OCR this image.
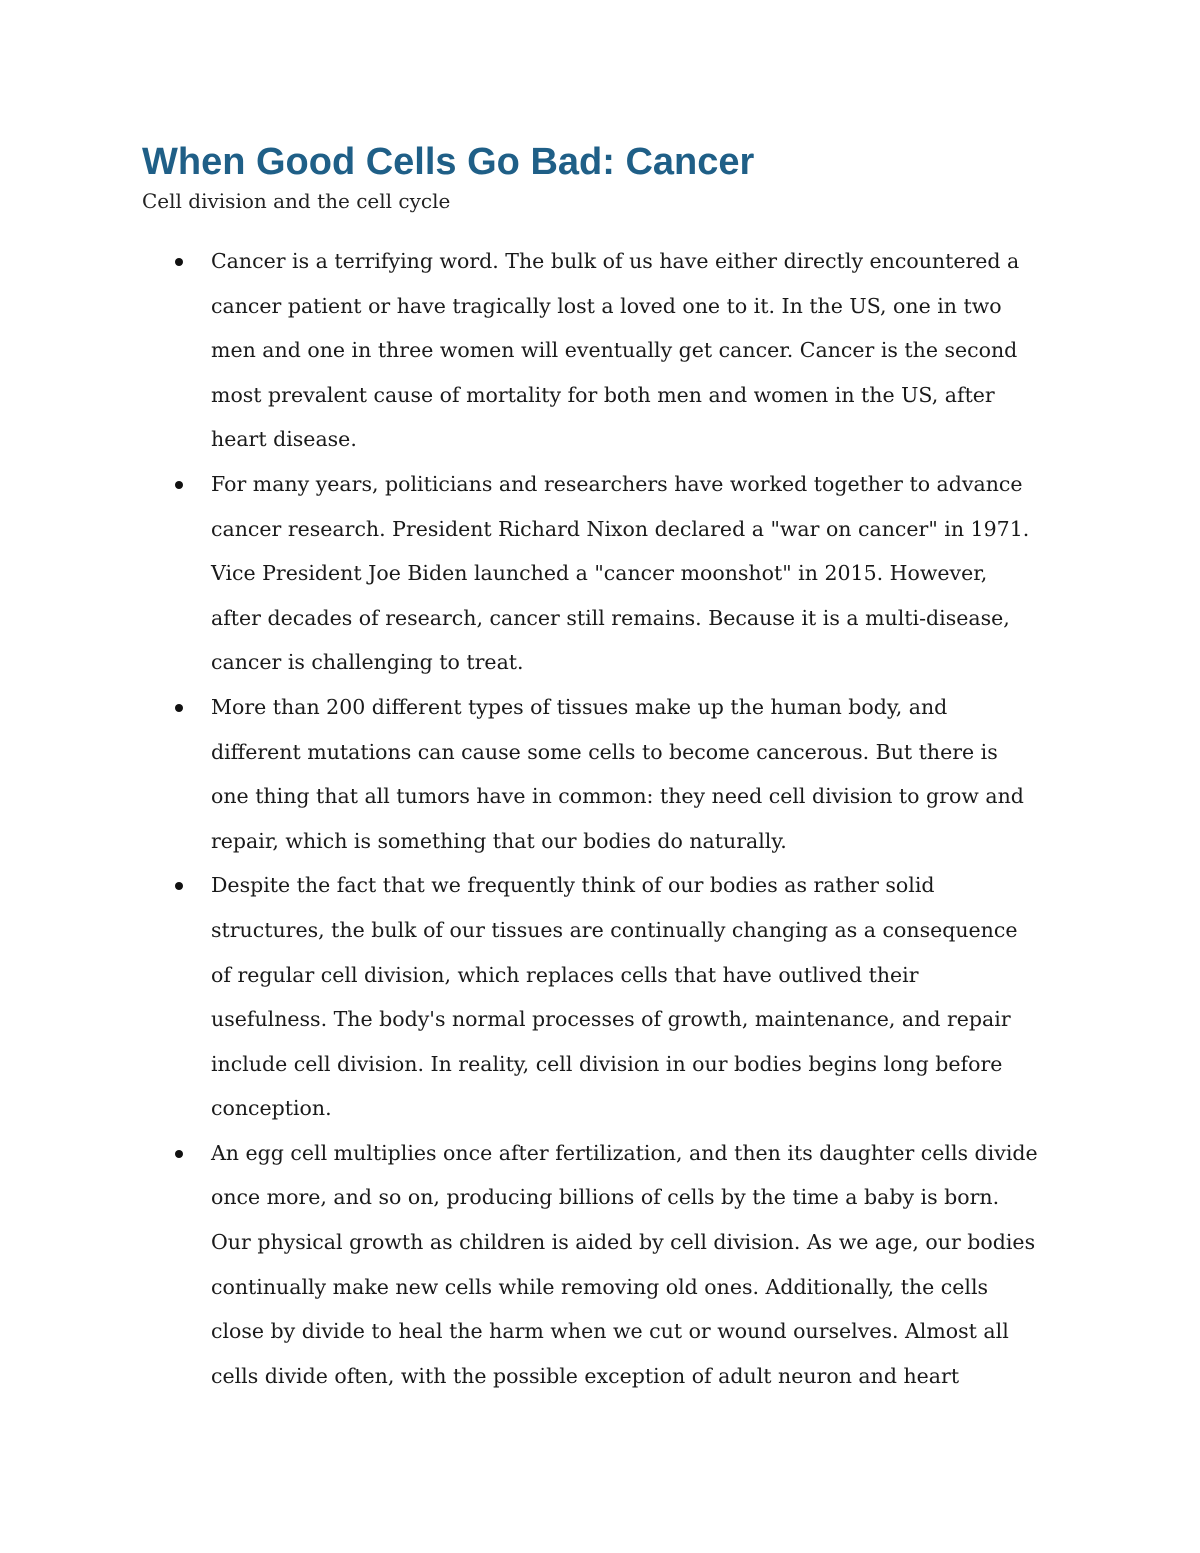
When Good Cells Go Bad: Cancer

Cell division and the cell cycle

Cancer is a terrifying word. The bulk of us have either directly encountered a
cancer patient or have tragically lost a loved one to it. In the US, one in two
men and one in three women will eventually get cancer. Cancer is the second
most prevalent cause of mortality for both men and women in the US, after
heart disease.

For many years, politicians and researchers have worked together to advance
cancer research. President Richard Nixon declared a "war on cancer" in 1971.
Vice President Joe Biden launched a "cancer moonshot" in 2015. However,
after decades of research, cancer still remains. Because it is a multi-disease,
cancer is challenging to treat.

More than 200 different types of tissues make up the human body, and
different mutations can cause some cells to become cancerous. But there is
one thing that all tumors have in common: they need cell division to grow and
repair, which is something that our bodies do naturally.

Despite the fact that we frequently think of our bodies as rather solid
structures, the bulk of our tissues are continually changing as a consequence
of regular cell division, which replaces cells that have outlived their
usefulness. The body's normal processes of growth, maintenance, and repair
include cell division. In reality, cell division in our bodies begins long before
conception.

An egg cell multiplies once after fertilization, and then its daughter cells divide
once more, and so on, producing billions of cells by the time a baby is born.
Our physical growth as children is aided by cell division. As we age, our bodies
continually make new cells while removing old ones. Additionally, the cells
close by divide to heal the harm when we cut or wound ourselves. Almost all
cells divide often, with the possible exception of adult neuron and heart
